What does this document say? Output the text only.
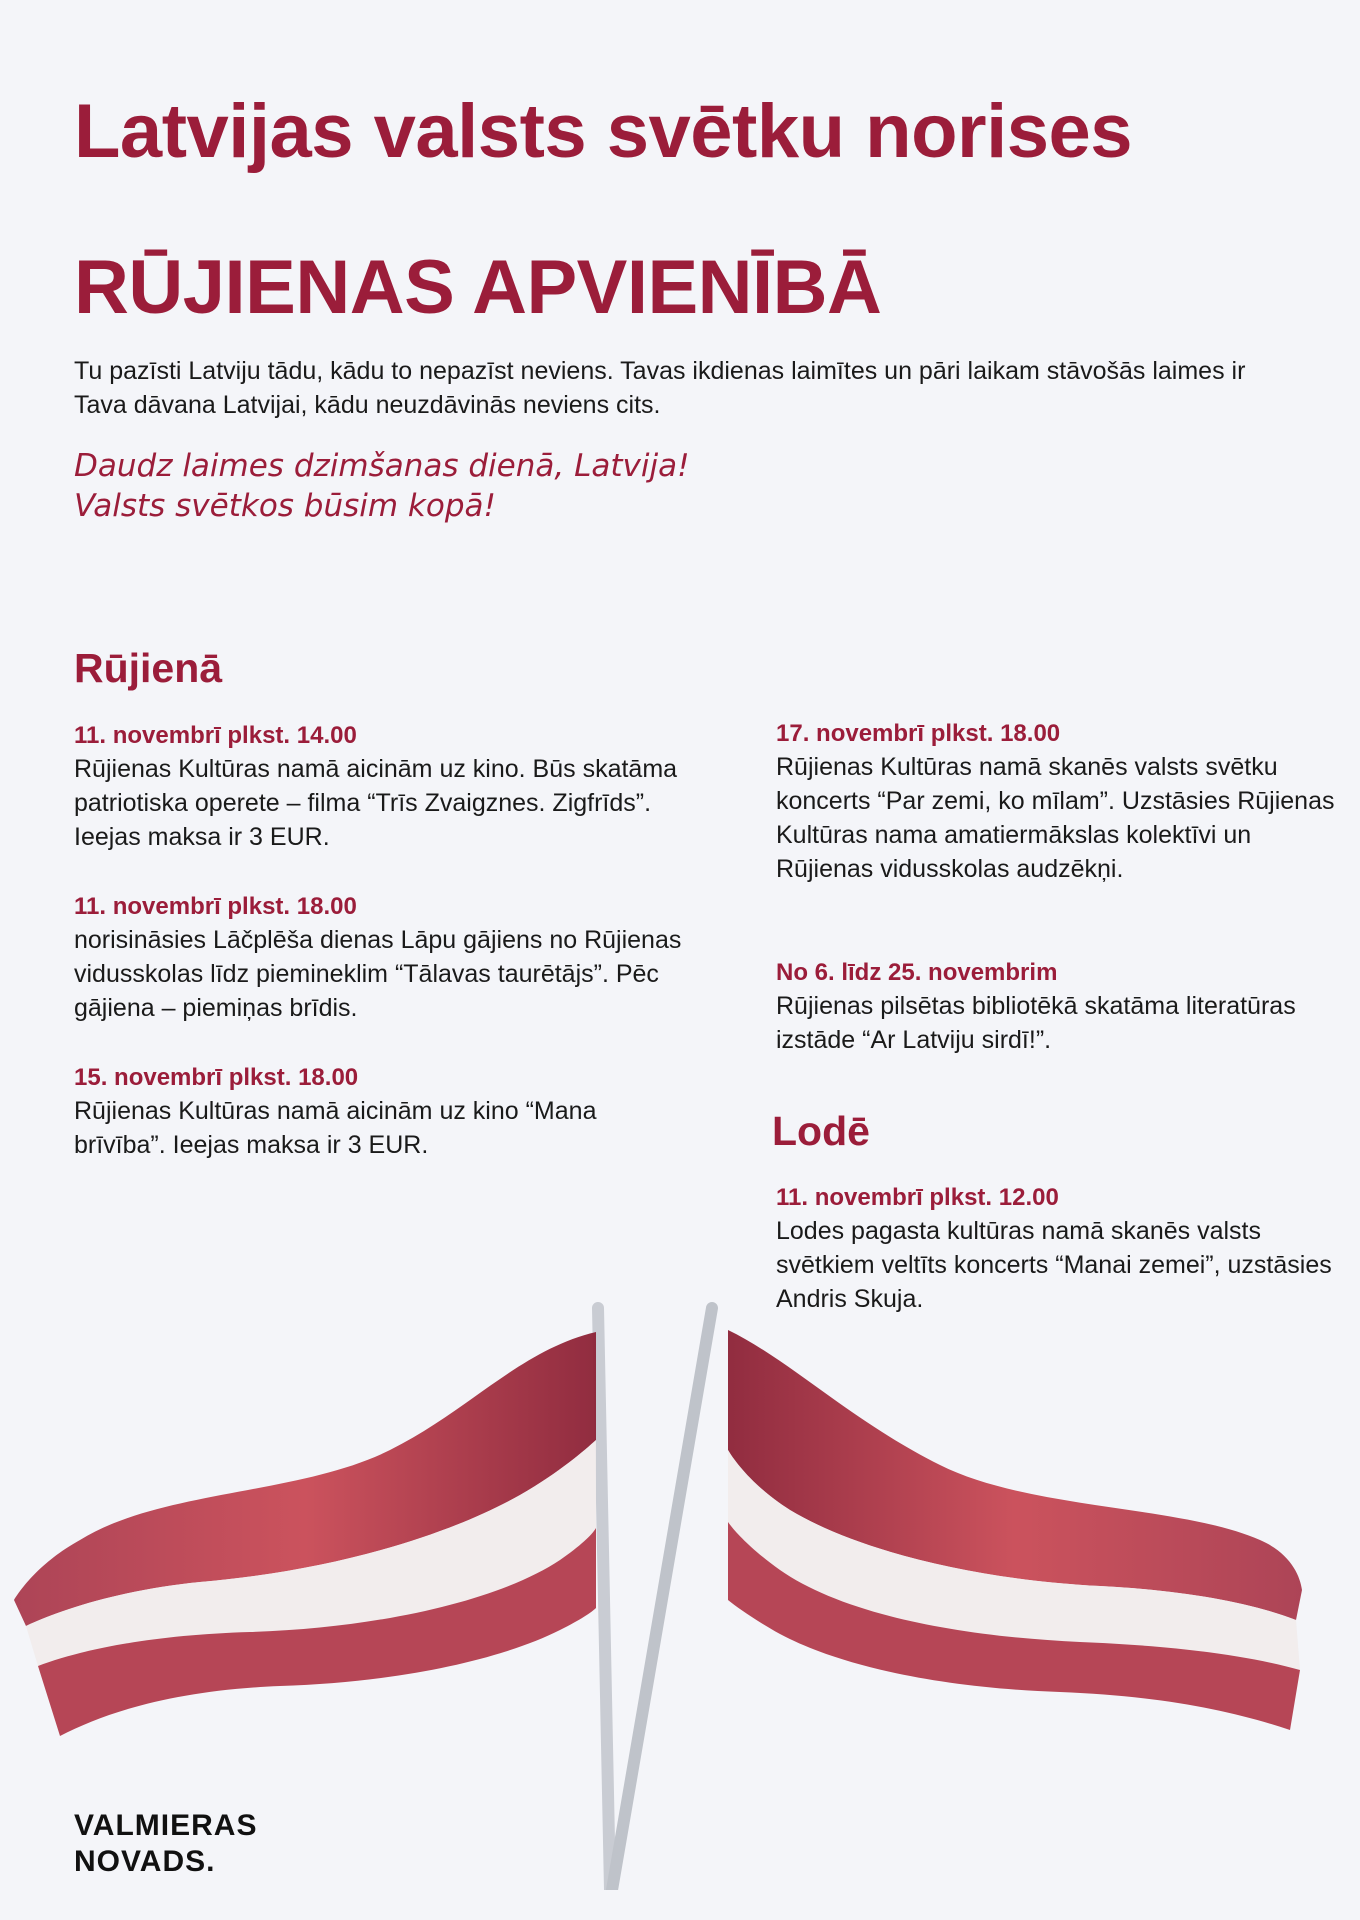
Latvijas valsts svētku norises
RŪJIENAS APVIENĪBĀ

Tu pazīsti Latviju tādu, kādu to nepazīst neviens. Tavas ikdienas laimītes un pāri laikam stāvošās laimes ir Tava dāvana Latvijai, kādu neuzdāvinās neviens cits.

Daudz laimes dzimšanas dienā, Latvija!
Valsts svētkos būsim kopā!
Rūjienā
11. novembrī plkst. 14.00
Rūjienas Kultūras namā aicinām uz kino. Būs skatāma patriotiska operete – filma “Trīs Zvaigznes. Zigfrīds”. Ieejas maksa ir 3 EUR.
11. novembrī plkst. 18.00
norisināsies Lāčplēša dienas Lāpu gājiens no Rūjienas vidusskolas līdz piemineklim “Tālavas taurētājs”. Pēc gājiena – piemiņas brīdis.
15. novembrī plkst. 18.00
Rūjienas Kultūras namā aicinām uz kino “Mana brīvība”. Ieejas maksa ir 3 EUR.
17. novembrī plkst. 18.00
Rūjienas Kultūras namā skanēs valsts svētku koncerts “Par zemi, ko mīlam”. Uzstāsies Rūjienas Kultūras nama amatiermākslas kolektīvi un Rūjienas vidusskolas audzēkņi.
No 6. līdz 25. novembrim
Rūjienas pilsētas bibliotēkā skatāma literatūras izstāde “Ar Latviju sirdī!”.
Lodē
11. novembrī plkst. 12.00
Lodes pagasta kultūras namā skanēs valsts svētkiem veltīts koncerts “Manai zemei”, uzstāsies Andris Skuja.
VALMIERAS
NOVADS.
